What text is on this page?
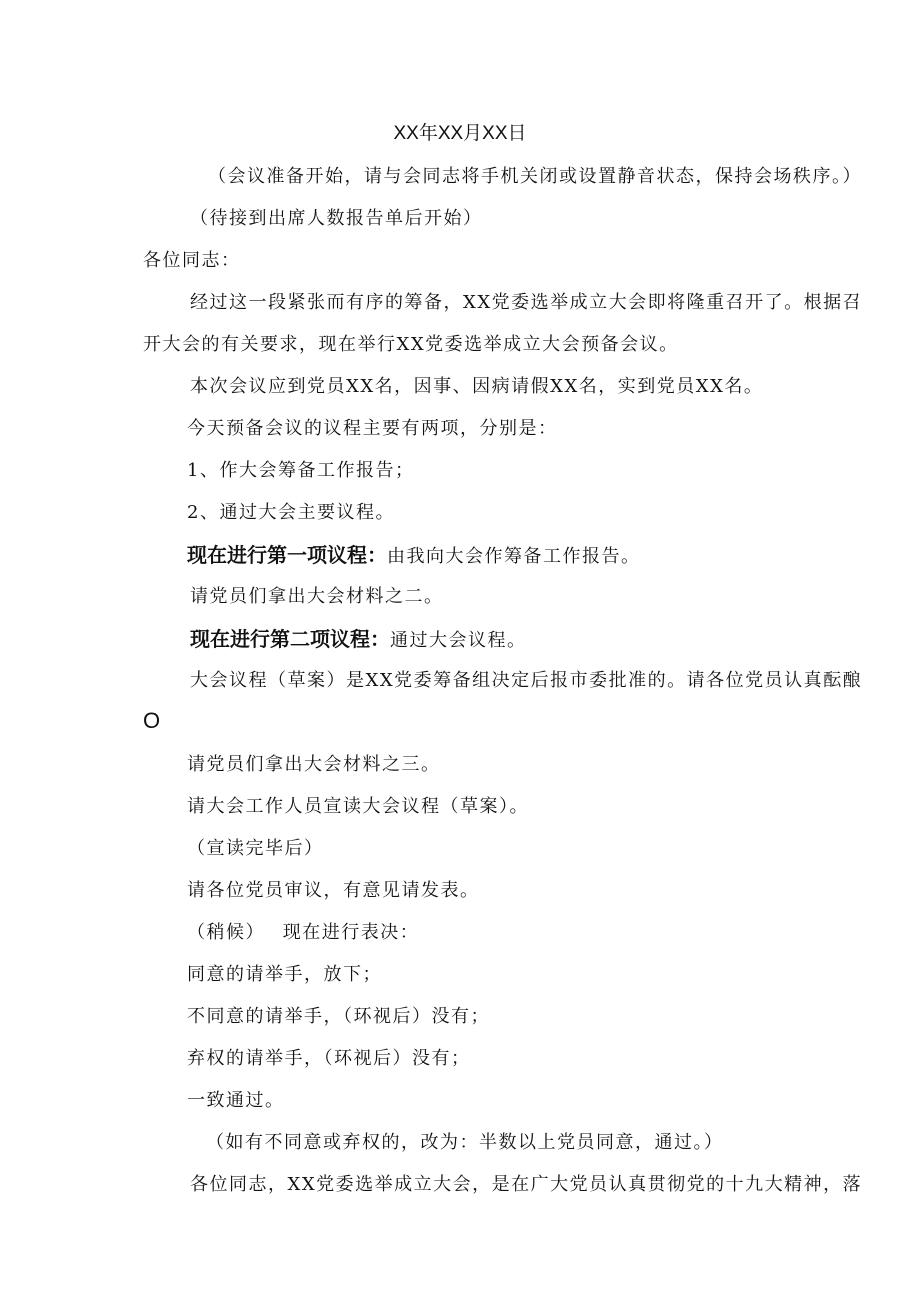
XX年XX月XX日
（会议准备开始，请与会同志将手机关闭或设置静音状态，保持会场秩序。）
（待接到出席人数报告单后开始）
各位同志：
经过这一段紧张而有序的筹备，XX党委选举成立大会即将隆重召开了。根据召
开大会的有关要求，现在举行XX党委选举成立大会预备会议。
本次会议应到党员XX名，因事、因病请假XX名，实到党员XX名。
今天预备会议的议程主要有两项，分别是：
1、作大会筹备工作报告；
2、通过大会主要议程。
现在进行第一项议程：由我向大会作筹备工作报告。
请党员们拿出大会材料之二。
现在进行第二项议程：通过大会议程。
大会议程（草案）是XX党委筹备组决定后报市委批准的。请各位党员认真酝酿
O
请党员们拿出大会材料之三。
请大会工作人员宣读大会议程（草案）。
（宣读完毕后）
请各位党员审议，有意见请发表。
（稍候）　 现在进行表决：
同意的请举手，放下；
不同意的请举手，（环视后）没有；
弃权的请举手，（环视后）没有；
一致通过。
（如有不同意或弃权的，改为：半数以上党员同意，通过。）
各位同志，XX党委选举成立大会，是在广大党员认真贯彻党的十九大精神，落
